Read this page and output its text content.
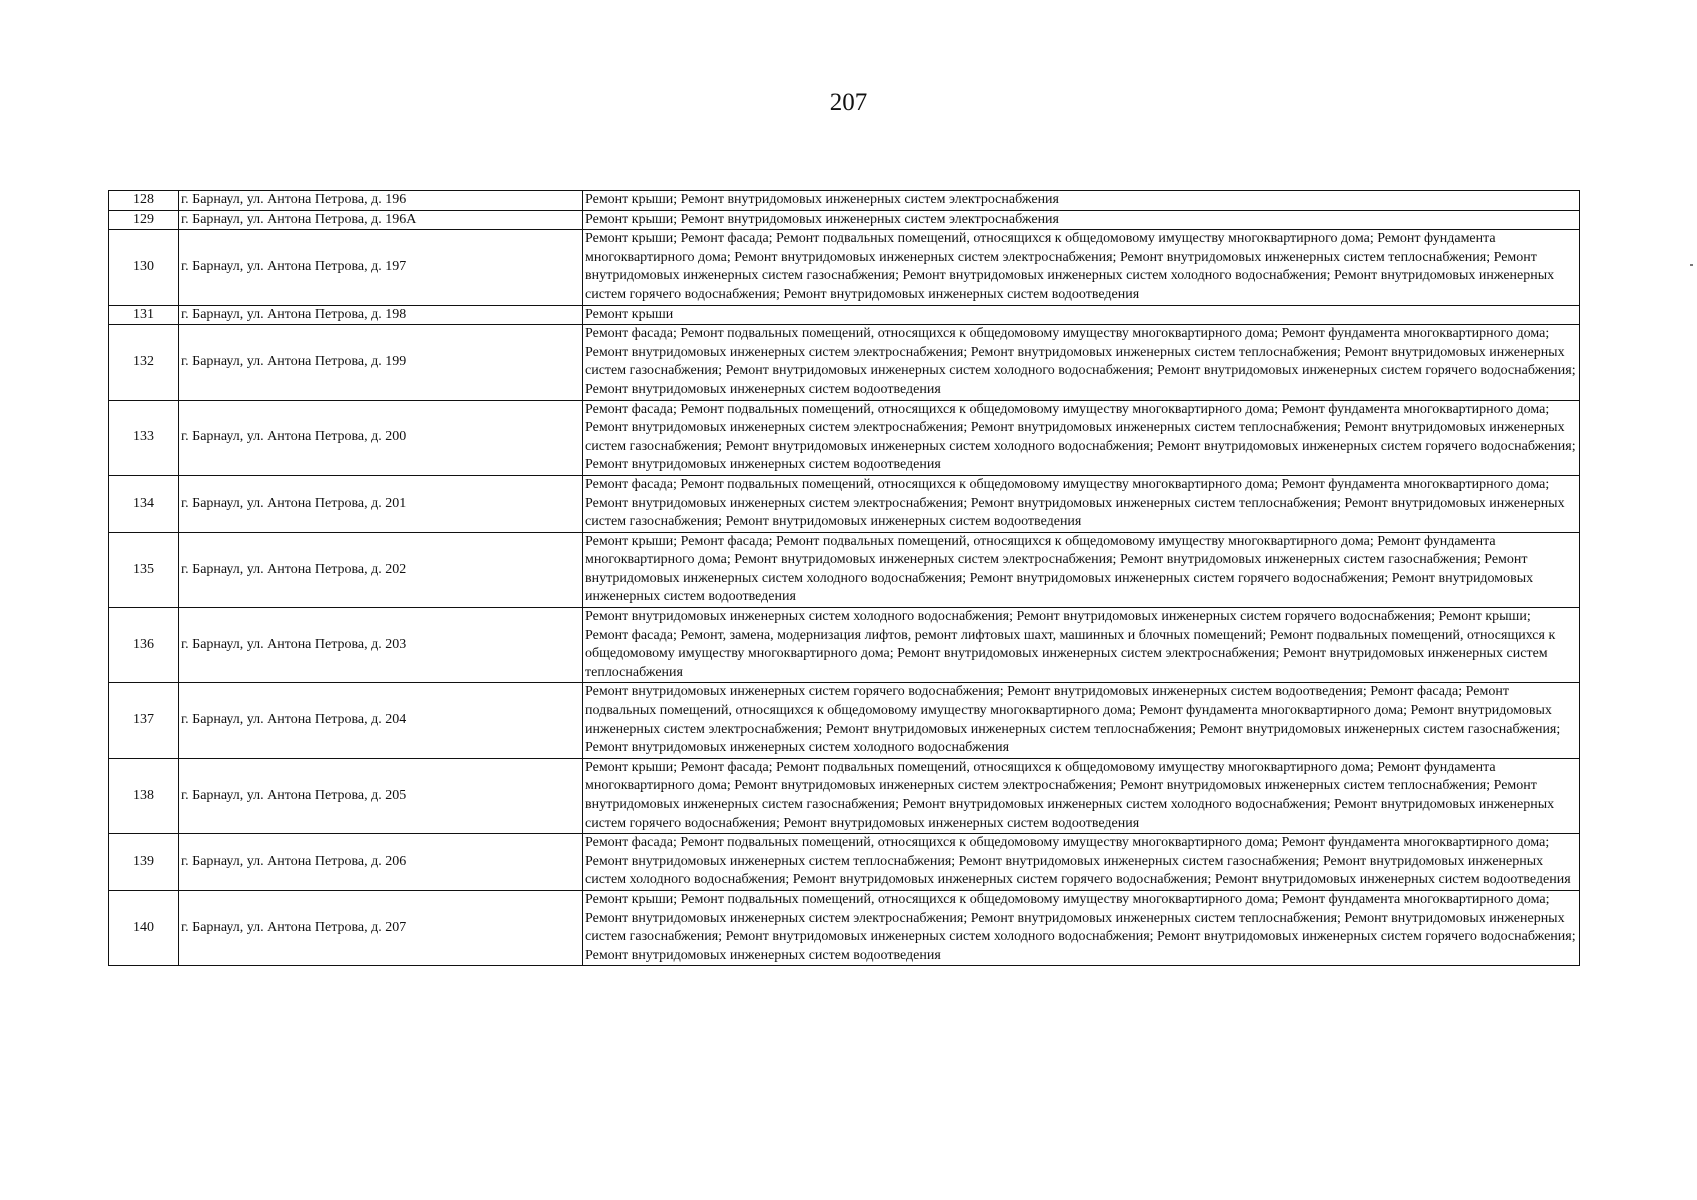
207
128	г. Барнаул, ул. Антона Петрова, д. 196	Ремонт крыши; Ремонт внутридомовых инженерных систем электроснабжения
129	г. Барнаул, ул. Антона Петрова, д. 196А	Ремонт крыши; Ремонт внутридомовых инженерных систем электроснабжения
130	г. Барнаул, ул. Антона Петрова, д. 197	Ремонт крыши; Ремонт фасада; Ремонт подвальных помещений, относящихся к общедомовому имуществу многоквартирного дома; Ремонт фундамента многоквартирного дома; Ремонт внутридомовых инженерных систем электроснабжения; Ремонт внутридомовых инженерных систем теплоснабжения; Ремонт внутридомовых инженерных систем газоснабжения; Ремонт внутридомовых инженерных систем холодного водоснабжения; Ремонт внутридомовых инженерных систем горячего водоснабжения; Ремонт внутридомовых инженерных систем водоотведения
131	г. Барнаул, ул. Антона Петрова, д. 198	Ремонт крыши
132	г. Барнаул, ул. Антона Петрова, д. 199	Ремонт фасада; Ремонт подвальных помещений, относящихся к общедомовому имуществу многоквартирного дома; Ремонт фундамента многоквартирного дома; Ремонт внутридомовых инженерных систем электроснабжения; Ремонт внутридомовых инженерных систем теплоснабжения; Ремонт внутридомовых инженерных систем газоснабжения; Ремонт внутридомовых инженерных систем холодного водоснабжения; Ремонт внутридомовых инженерных систем горячего водоснабжения; Ремонт внутридомовых инженерных систем водоотведения
133	г. Барнаул, ул. Антона Петрова, д. 200	Ремонт фасада; Ремонт подвальных помещений, относящихся к общедомовому имуществу многоквартирного дома; Ремонт фундамента многоквартирного дома; Ремонт внутридомовых инженерных систем электроснабжения; Ремонт внутридомовых инженерных систем теплоснабжения; Ремонт внутридомовых инженерных систем газоснабжения; Ремонт внутридомовых инженерных систем холодного водоснабжения; Ремонт внутридомовых инженерных систем горячего водоснабжения; Ремонт внутридомовых инженерных систем водоотведения
134	г. Барнаул, ул. Антона Петрова, д. 201	Ремонт фасада; Ремонт подвальных помещений, относящихся к общедомовому имуществу многоквартирного дома; Ремонт фундамента многоквартирного дома; Ремонт внутридомовых инженерных систем электроснабжения; Ремонт внутридомовых инженерных систем теплоснабжения; Ремонт внутридомовых инженерных систем газоснабжения; Ремонт внутридомовых инженерных систем водоотведения
135	г. Барнаул, ул. Антона Петрова, д. 202	Ремонт крыши; Ремонт фасада; Ремонт подвальных помещений, относящихся к общедомовому имуществу многоквартирного дома; Ремонт фундамента многоквартирного дома; Ремонт внутридомовых инженерных систем электроснабжения; Ремонт внутридомовых инженерных систем газоснабжения; Ремонт внутридомовых инженерных систем холодного водоснабжения; Ремонт внутридомовых инженерных систем горячего водоснабжения; Ремонт внутридомовых инженерных систем водоотведения
136	г. Барнаул, ул. Антона Петрова, д. 203	Ремонт внутридомовых инженерных систем холодного водоснабжения; Ремонт внутридомовых инженерных систем горячего водоснабжения; Ремонт крыши; Ремонт фасада; Ремонт, замена, модернизация лифтов, ремонт лифтовых шахт, машинных и блочных помещений; Ремонт подвальных помещений, относящихся к общедомовому имуществу многоквартирного дома; Ремонт внутридомовых инженерных систем электроснабжения; Ремонт внутридомовых инженерных систем теплоснабжения
137	г. Барнаул, ул. Антона Петрова, д. 204	Ремонт внутридомовых инженерных систем горячего водоснабжения; Ремонт внутридомовых инженерных систем водоотведения; Ремонт фасада; Ремонт подвальных помещений, относящихся к общедомовому имуществу многоквартирного дома; Ремонт фундамента многоквартирного дома; Ремонт внутридомовых инженерных систем электроснабжения; Ремонт внутридомовых инженерных систем теплоснабжения; Ремонт внутридомовых инженерных систем газоснабжения; Ремонт внутридомовых инженерных систем холодного водоснабжения
138	г. Барнаул, ул. Антона Петрова, д. 205	Ремонт крыши; Ремонт фасада; Ремонт подвальных помещений, относящихся к общедомовому имуществу многоквартирного дома; Ремонт фундамента многоквартирного дома; Ремонт внутридомовых инженерных систем электроснабжения; Ремонт внутридомовых инженерных систем теплоснабжения; Ремонт внутридомовых инженерных систем газоснабжения; Ремонт внутридомовых инженерных систем холодного водоснабжения; Ремонт внутридомовых инженерных систем горячего водоснабжения; Ремонт внутридомовых инженерных систем водоотведения
139	г. Барнаул, ул. Антона Петрова, д. 206	Ремонт фасада; Ремонт подвальных помещений, относящихся к общедомовому имуществу многоквартирного дома; Ремонт фундамента многоквартирного дома; Ремонт внутридомовых инженерных систем теплоснабжения; Ремонт внутридомовых инженерных систем газоснабжения; Ремонт внутридомовых инженерных систем холодного водоснабжения; Ремонт внутридомовых инженерных систем горячего водоснабжения; Ремонт внутридомовых инженерных систем водоотведения
140	г. Барнаул, ул. Антона Петрова, д. 207	Ремонт крыши; Ремонт подвальных помещений, относящихся к общедомовому имуществу многоквартирного дома; Ремонт фундамента многоквартирного дома; Ремонт внутридомовых инженерных систем электроснабжения; Ремонт внутридомовых инженерных систем теплоснабжения; Ремонт внутридомовых инженерных систем газоснабжения; Ремонт внутридомовых инженерных систем холодного водоснабжения; Ремонт внутридомовых инженерных систем горячего водоснабжения; Ремонт внутридомовых инженерных систем водоотведения
